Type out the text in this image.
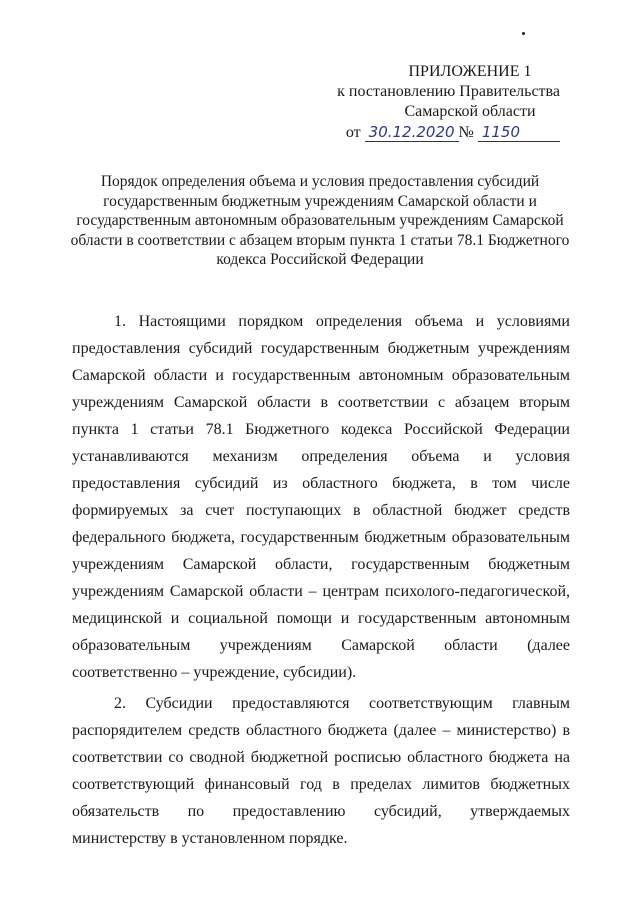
ПРИЛОЖЕНИЕ 1
к постановлению Правительства
Самарской области
от 30.12.2020 № 1150
Порядок определения объема и условия предоставления субсидий государственным бюджетным учреждениям Самарской области и государственным автономным образовательным учреждениям Самарской области в соответствии с абзацем вторым пункта 1 статьи 78.1 Бюджетного кодекса Российской Федерации

1. Настоящими порядком определения объема и условиями предоставления субсидий государственным бюджетным учреждениям Самарской области и государственным автономным образовательным учреждениям Самарской области в соответствии с абзацем вторым пункта 1 статьи 78.1 Бюджетного кодекса Российской Федерации устанавливаются механизм определения объема и условия предоставления субсидий из областного бюджета, в том числе формируемых за счет поступающих в областной бюджет средств федерального бюджета, государственным бюджетным образовательным учреждениям Самарской области, государственным бюджетным учреждениям Самарской области – центрам психолого-педагогической, медицинской и социальной помощи и государственным автономным образовательным учреждениям Самарской области (далее соответственно – учреждение, субсидии).

2. Субсидии предоставляются соответствующим главным распорядителем средств областного бюджета (далее – министерство) в соответствии со сводной бюджетной росписью областного бюджета на соответствующий финансовый год в пределах лимитов бюджетных обязательств по предоставлению субсидий, утверждаемых министерству в установленном порядке.
